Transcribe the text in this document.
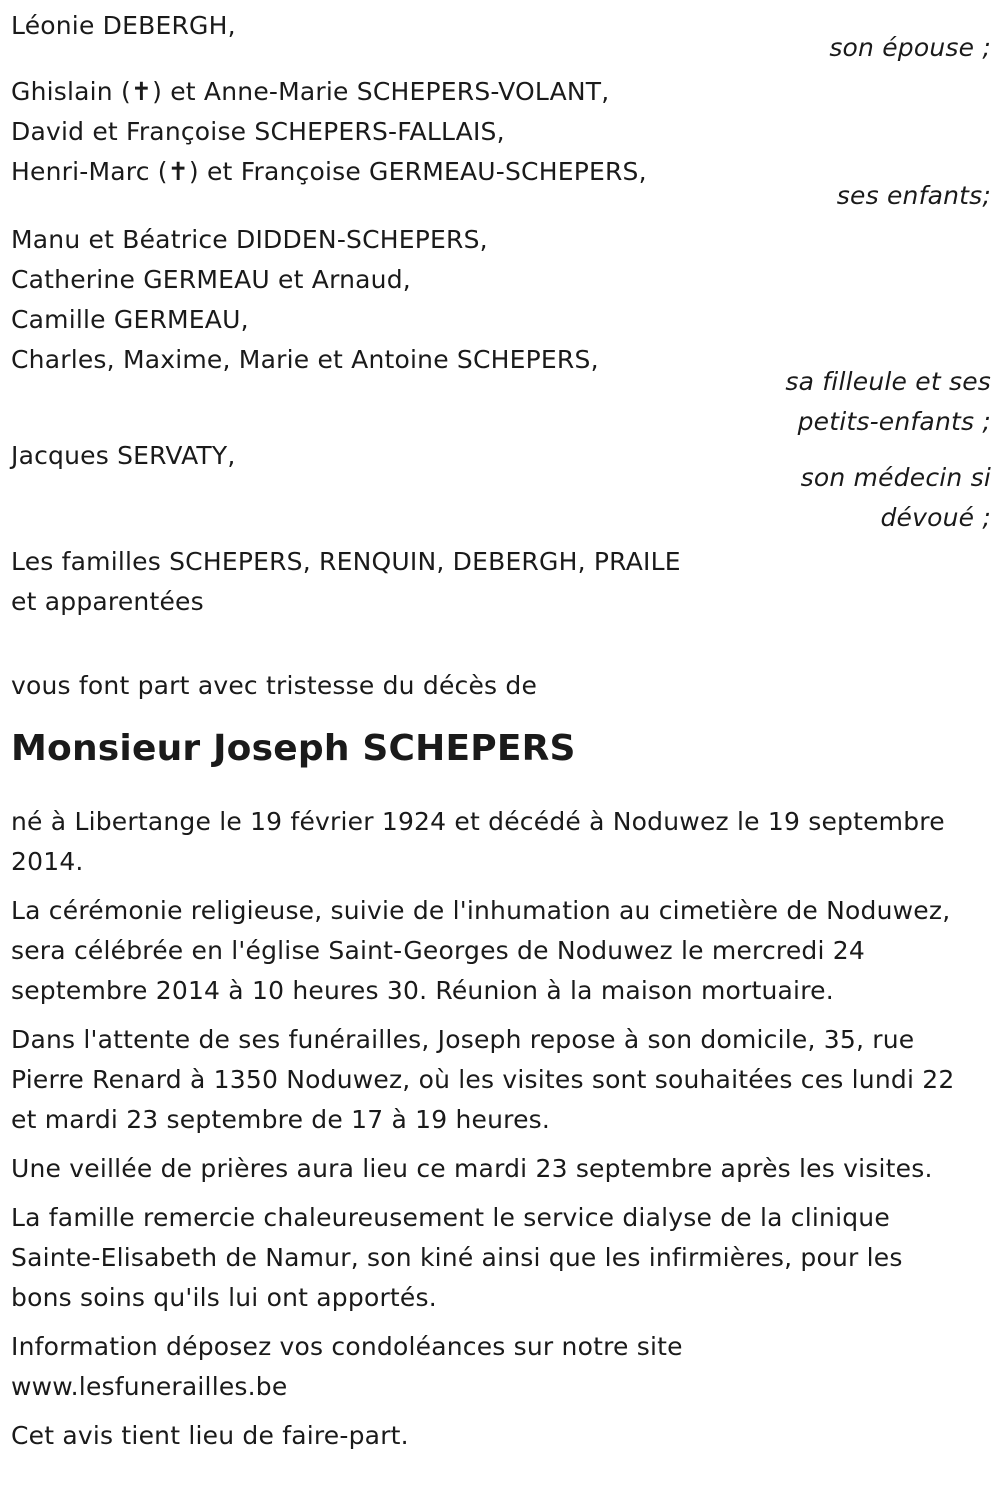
Léonie DEBERGH,
son épouse ;
Ghislain (✝) et Anne-Marie SCHEPERS-VOLANT,
David et Françoise SCHEPERS-FALLAIS,
Henri-Marc (✝) et Françoise GERMEAU-SCHEPERS,
ses enfants;
Manu et Béatrice DIDDEN-SCHEPERS,
Catherine GERMEAU et Arnaud,
Camille GERMEAU,
Charles, Maxime, Marie et Antoine SCHEPERS,
sa filleule et ses
petits-enfants ;
Jacques SERVATY,
son médecin si
dévoué ;
Les familles SCHEPERS, RENQUIN, DEBERGH, PRAILE
et apparentées
vous font part avec tristesse du décès de
Monsieur Joseph SCHEPERS
né à Libertange le 19 février 1924 et décédé à Noduwez le 19 septembre
2014.
La cérémonie religieuse, suivie de l'inhumation au cimetière de Noduwez,
sera célébrée en l'église Saint-Georges de Noduwez le mercredi 24
septembre 2014 à 10 heures 30. Réunion à la maison mortuaire.
Dans l'attente de ses funérailles, Joseph repose à son domicile, 35, rue
Pierre Renard à 1350 Noduwez, où les visites sont souhaitées ces lundi 22
et mardi 23 septembre de 17 à 19 heures.
Une veillée de prières aura lieu ce mardi 23 septembre après les visites.
La famille remercie chaleureusement le service dialyse de la clinique
Sainte-Elisabeth de Namur, son kiné ainsi que les infirmières, pour les
bons soins qu'ils lui ont apportés.
Information déposez vos condoléances sur notre site
www.lesfunerailles.be
Cet avis tient lieu de faire-part.
